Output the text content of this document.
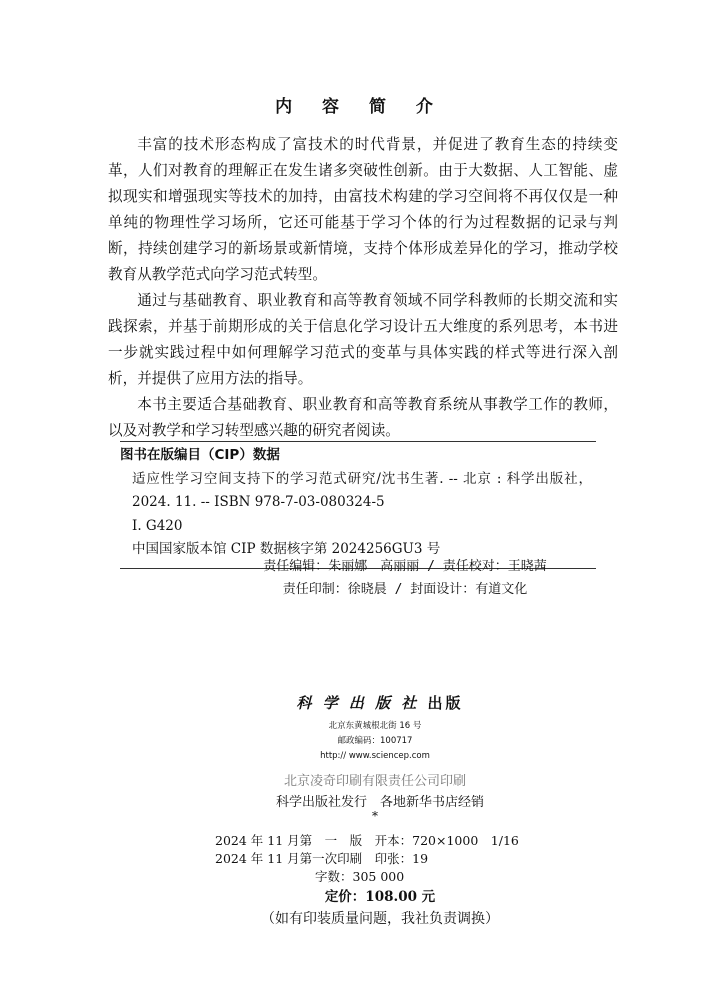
内 容 简 介

丰富的技术形态构成了富技术的时代背景，并促进了教育生态的持续变革，人们对教育的理解正在发生诸多突破性创新。由于大数据、人工智能、虚拟现实和增强现实等技术的加持，由富技术构建的学习空间将不再仅仅是一种单纯的物理性学习场所，它还可能基于学习个体的行为过程数据的记录与判断，持续创建学习的新场景或新情境，支持个体形成差异化的学习，推动学校教育从教学范式向学习范式转型。

通过与基础教育、职业教育和高等教育领域不同学科教师的长期交流和实践探索，并基于前期形成的关于信息化学习设计五大维度的系列思考，本书进一步就实践过程中如何理解学习范式的变革与具体实践的样式等进行深入剖析，并提供了应用方法的指导。

本书主要适合基础教育、职业教育和高等教育系统从事教学工作的教师，以及对教学和学习转型感兴趣的研究者阅读。

图书在版编目（CIP）数据
适应性学习空间支持下的学习范式研究/沈书生著. -- 北京 : 科学出版社，2024. 11. -- ISBN 978-7-03-080324-5
Ⅰ. G420
中国国家版本馆 CIP 数据核字第 2024256GU3 号
责任编辑：朱丽娜　高丽丽 / 责任校对：王晓茜
责任印制：徐晓晨 / 封面设计：有道文化
科 学 出 版 社 出版
北京东黄城根北街 16 号
邮政编码：100717
http:// www.sciencep.com
北京凌奇印刷有限责任公司印刷
科学出版社发行　各地新华书店经销
*
2024 年 11 月第　一　版　开本：720×1000　1/16
2024 年 11 月第一次印刷　印张：19
字数：305 000
定价：108.00 元
（如有印装质量问题，我社负责调换）
